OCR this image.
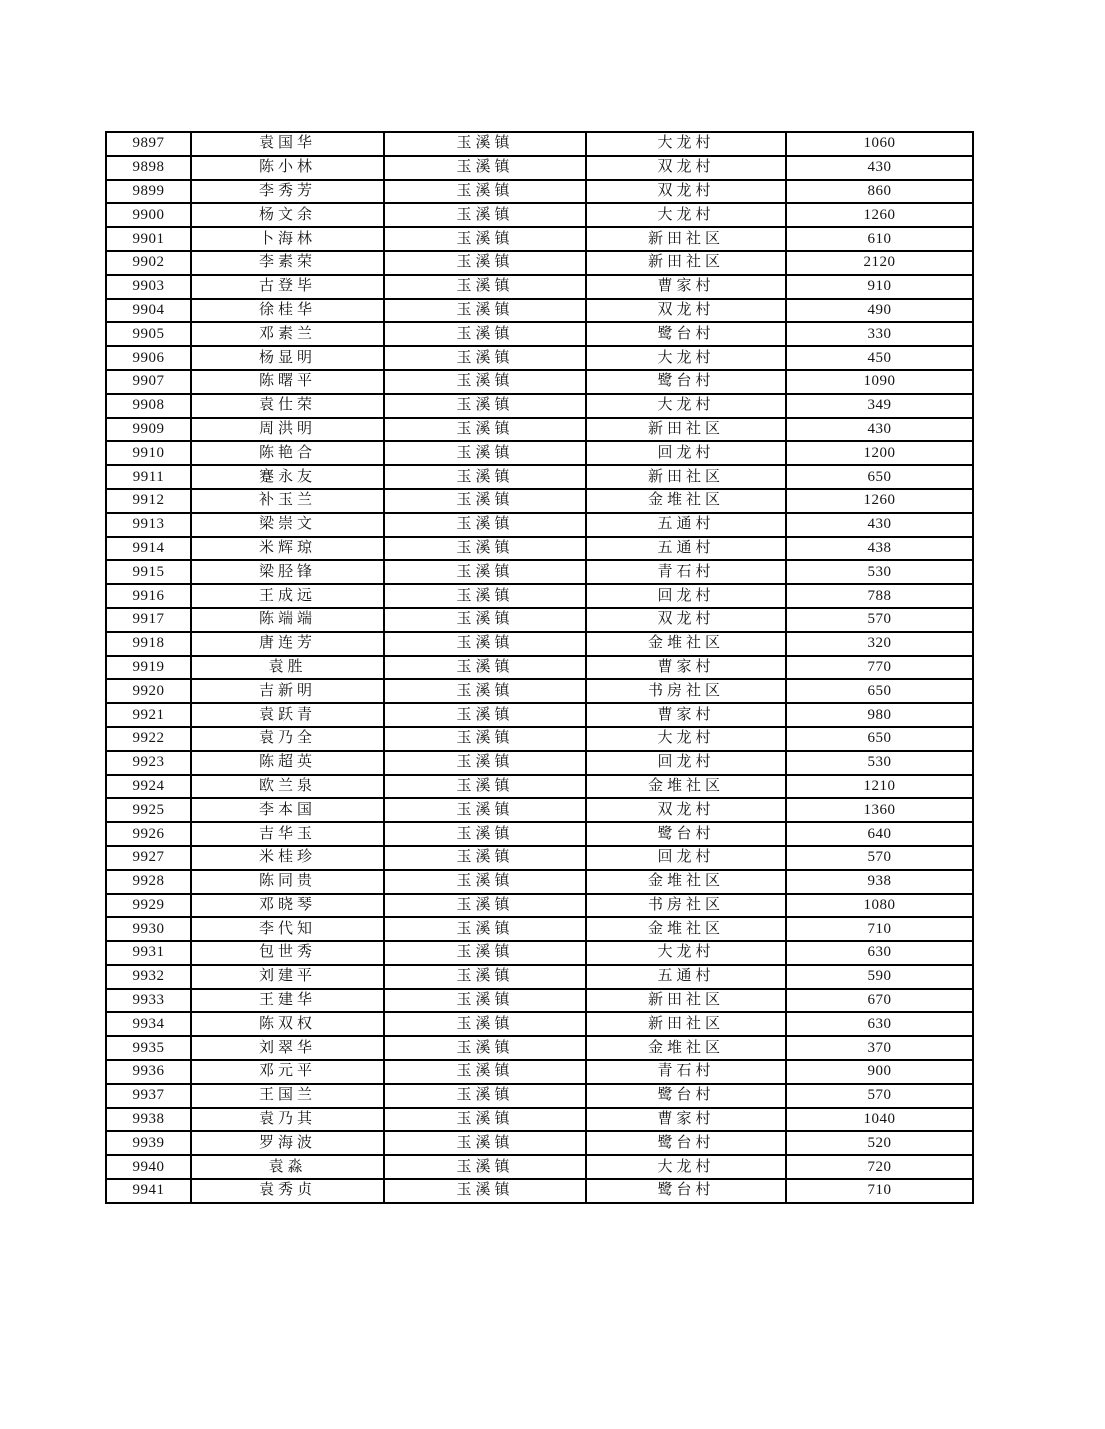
9897	袁国华	玉溪镇	大龙村	1060
9898	陈小林	玉溪镇	双龙村	430
9899	李秀芳	玉溪镇	双龙村	860
9900	杨文余	玉溪镇	大龙村	1260
9901	卜海林	玉溪镇	新田社区	610
9902	李素荣	玉溪镇	新田社区	2120
9903	古登毕	玉溪镇	曹家村	910
9904	徐桂华	玉溪镇	双龙村	490
9905	邓素兰	玉溪镇	鹭台村	330
9906	杨显明	玉溪镇	大龙村	450
9907	陈曙平	玉溪镇	鹭台村	1090
9908	袁仕荣	玉溪镇	大龙村	349
9909	周洪明	玉溪镇	新田社区	430
9910	陈艳合	玉溪镇	回龙村	1200
9911	蹇永友	玉溪镇	新田社区	650
9912	补玉兰	玉溪镇	金堆社区	1260
9913	梁崇文	玉溪镇	五通村	430
9914	米辉琼	玉溪镇	五通村	438
9915	梁胫锋	玉溪镇	青石村	530
9916	王成远	玉溪镇	回龙村	788
9917	陈端端	玉溪镇	双龙村	570
9918	唐连芳	玉溪镇	金堆社区	320
9919	袁胜	玉溪镇	曹家村	770
9920	吉新明	玉溪镇	书房社区	650
9921	袁跃青	玉溪镇	曹家村	980
9922	袁乃全	玉溪镇	大龙村	650
9923	陈超英	玉溪镇	回龙村	530
9924	欧兰泉	玉溪镇	金堆社区	1210
9925	李本国	玉溪镇	双龙村	1360
9926	吉华玉	玉溪镇	鹭台村	640
9927	米桂珍	玉溪镇	回龙村	570
9928	陈同贵	玉溪镇	金堆社区	938
9929	邓晓琴	玉溪镇	书房社区	1080
9930	李代知	玉溪镇	金堆社区	710
9931	包世秀	玉溪镇	大龙村	630
9932	刘建平	玉溪镇	五通村	590
9933	王建华	玉溪镇	新田社区	670
9934	陈双权	玉溪镇	新田社区	630
9935	刘翠华	玉溪镇	金堆社区	370
9936	邓元平	玉溪镇	青石村	900
9937	王国兰	玉溪镇	鹭台村	570
9938	袁乃其	玉溪镇	曹家村	1040
9939	罗海波	玉溪镇	鹭台村	520
9940	袁淼	玉溪镇	大龙村	720
9941	袁秀贞	玉溪镇	鹭台村	710
